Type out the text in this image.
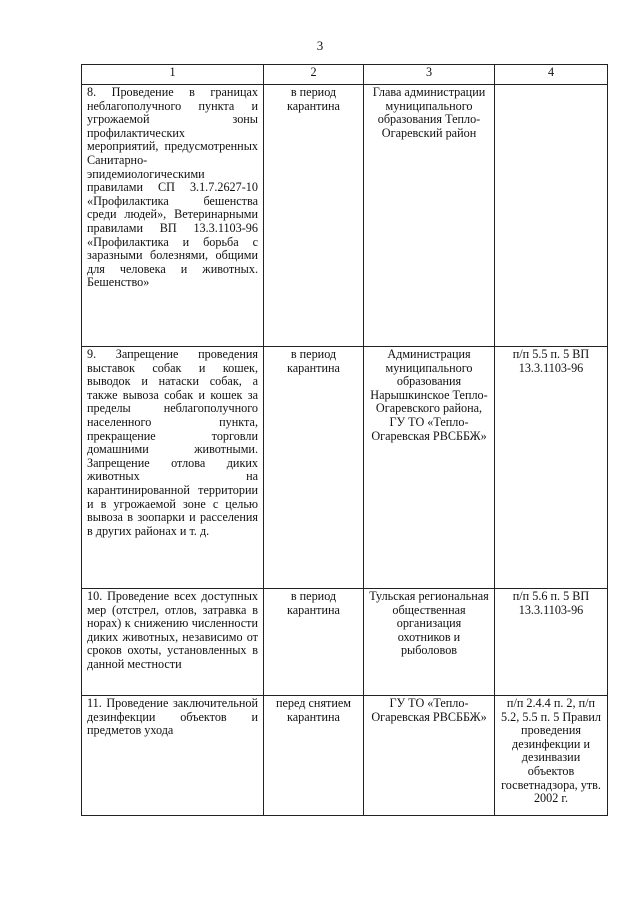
3
1	2	3	4
8. Проведение в границах неблагополучного пункта и угрожаемой зоны профилактических мероприятий, предусмотренных Санитарно-эпидемиологическими правилами СП 3.1.7.2627-10 «Профилактика бешенства среди людей», Ветеринарными правилами ВП 13.3.1103-96 «Профилактика и борьба с заразными болезнями, общими для человека и животных. Бешенство»	в период карантина	Глава администрации муниципального образования Тепло-Огаревский район	
9. Запрещение проведения выставок собак и кошек, выводок и натаски собак, а также вывоза собак и кошек за пределы неблагополучного населенного пункта, прекращение торговли домашними животными. Запрещение отлова диких животных на карантинированной территории и в угрожаемой зоне с целью вывоза в зоопарки и расселения в других районах и т. д.	в период карантина	Администрация муниципального образования Нарышкинское Тепло-Огаревского района, ГУ ТО «Тепло-Огаревская РВСББЖ»	п/п 5.5 п. 5 ВП 13.3.1103-96
10. Проведение всех доступных мер (отстрел, отлов, затравка в норах) к снижению численности диких животных, независимо от сроков охоты, установленных в данной местности	в период карантина	Тульская региональная общественная организация охотников и рыболовов	п/п 5.6 п. 5 ВП 13.3.1103-96
11. Проведение заключительной дезинфекции объектов и предметов ухода	перед снятием карантина	ГУ ТО «Тепло-Огаревская РВСББЖ»	п/п 2.4.4 п. 2, п/п 5.2, 5.5 п. 5 Правил проведения дезинфекции и дезинвазии объектов госветнадзора, утв. 2002 г.
